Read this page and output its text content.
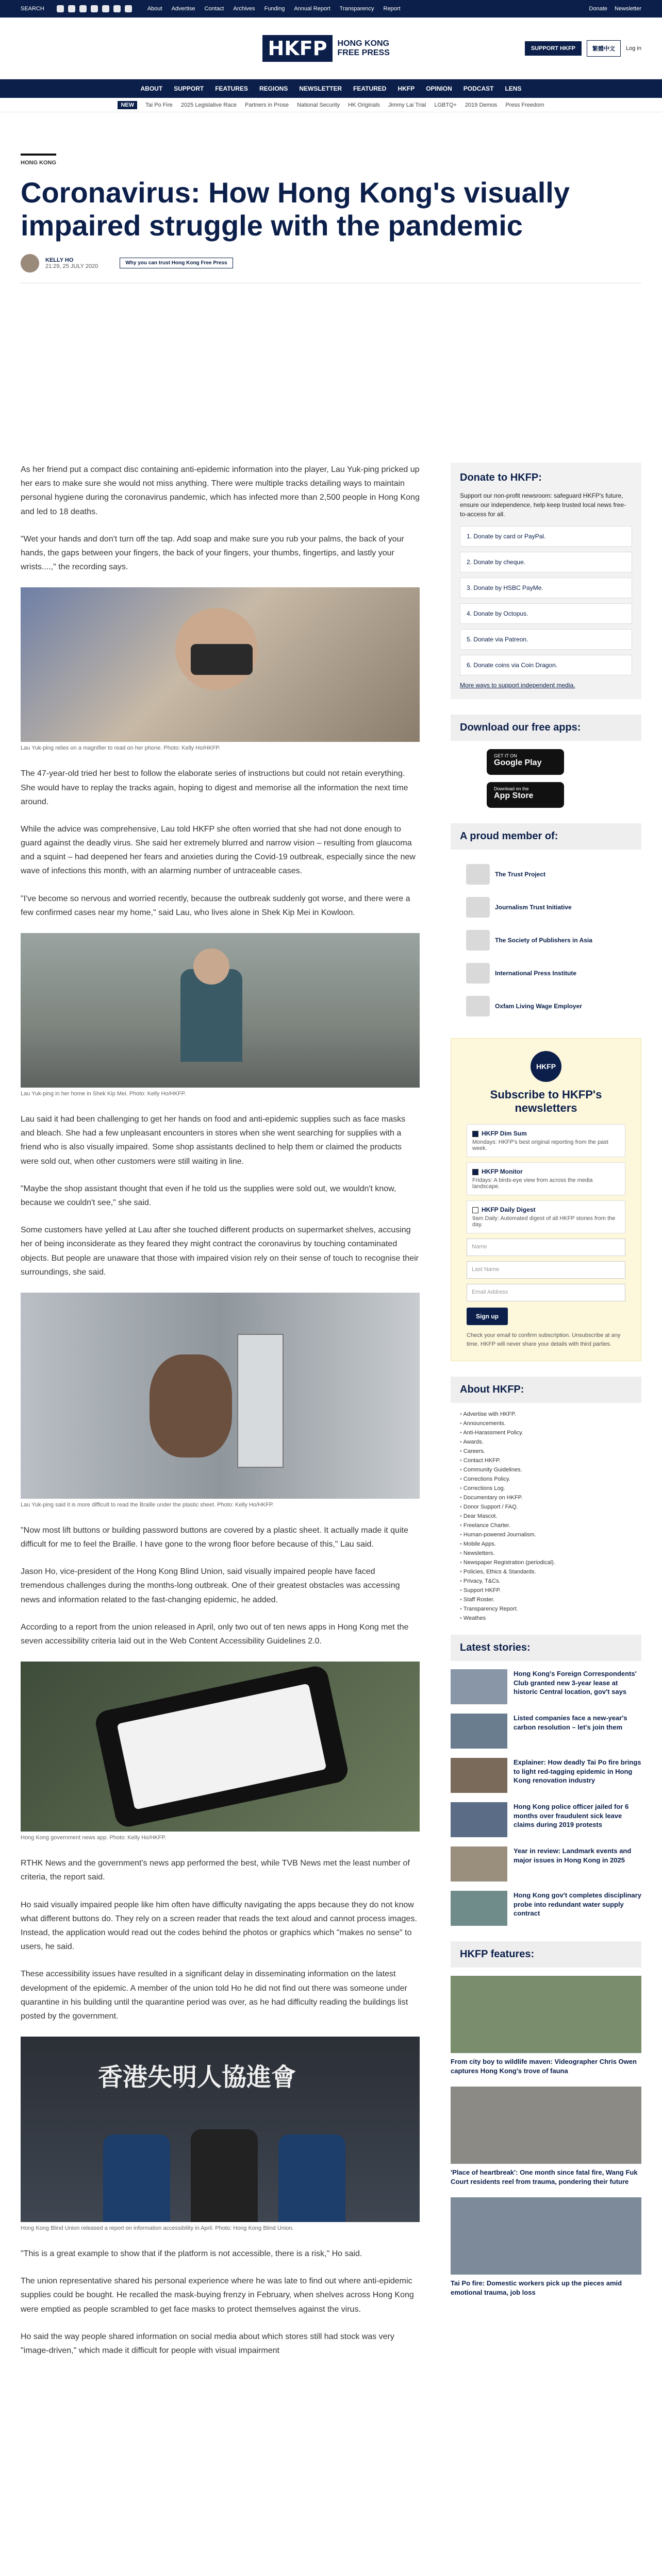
SEARCH	About Advertise Contact Archives Funding Annual Report Transparency Report	Donate Newsletter
HKFP	HONG KONG FREE PRESS	SUPPORT HKFP	繁體中文	Log in
ABOUT SUPPORT FEATURES REGIONS NEWSLETTER FEATURED HKFP OPINION PODCAST LENS
NEW	Tai Po Fire 2025 Legislative Race Partners in Prose National Security HK Originals Jimmy Lai Trial LGBTQ+ 2019 Demos Press Freedom
HONG KONG
Coronavirus: How Hong Kong's visually impaired struggle with the pandemic
KELLY HO
21:29, 25 JULY 2020	Why you can trust Hong Kong Free Press

As her friend put a compact disc containing anti-epidemic information into the player, Lau Yuk-ping pricked up her ears to make sure she would not miss anything. There were multiple tracks detailing ways to maintain personal hygiene during the coronavirus pandemic, which has infected more than 2,500 people in Hong Kong and led to 18 deaths.

"Wet your hands and don't turn off the tap. Add soap and make sure you rub your palms, the back of your hands, the gaps between your fingers, the back of your fingers, your thumbs, fingertips, and lastly your wrists....," the recording says.

Lau Yuk-ping relies on a magnifier to read on her phone. Photo: Kelly Ho/HKFP.

The 47-year-old tried her best to follow the elaborate series of instructions but could not retain everything. She would have to replay the tracks again, hoping to digest and memorise all the information the next time around.

While the advice was comprehensive, Lau told HKFP she often worried that she had not done enough to guard against the deadly virus. She said her extremely blurred and narrow vision – resulting from glaucoma and a squint – had deepened her fears and anxieties during the Covid-19 outbreak, especially since the new wave of infections this month, with an alarming number of untraceable cases.

"I've become so nervous and worried recently, because the outbreak suddenly got worse, and there were a few confirmed cases near my home," said Lau, who lives alone in Shek Kip Mei in Kowloon.

Lau Yuk-ping in her home in Shek Kip Mei. Photo: Kelly Ho/HKFP.

Lau said it had been challenging to get her hands on food and anti-epidemic supplies such as face masks and bleach. She had a few unpleasant encounters in stores when she went searching for supplies with a friend who is also visually impaired. Some shop assistants declined to help them or claimed the products were sold out, when other customers were still waiting in line.

"Maybe the shop assistant thought that even if he told us the supplies were sold out, we wouldn't know, because we couldn't see," she said.

Some customers have yelled at Lau after she touched different products on supermarket shelves, accusing her of being inconsiderate as they feared they might contract the coronavirus by touching contaminated objects. But people are unaware that those with impaired vision rely on their sense of touch to recognise their surroundings, she said.

Lau Yuk-ping said it is more difficult to read the Braille under the plastic sheet. Photo: Kelly Ho/HKFP.

"Now most lift buttons or building password buttons are covered by a plastic sheet. It actually made it quite difficult for me to feel the Braille. I have gone to the wrong floor before because of this," Lau said.

Jason Ho, vice-president of the Hong Kong Blind Union, said visually impaired people have faced tremendous challenges during the months-long outbreak. One of their greatest obstacles was accessing news and information related to the fast-changing epidemic, he added.

According to a report from the union released in April, only two out of ten news apps in Hong Kong met the seven accessibility criteria laid out in the Web Content Accessibility Guidelines 2.0.

Hong Kong government news app. Photo: Kelly Ho/HKFP.

RTHK News and the government's news app performed the best, while TVB News met the least number of criteria, the report said.

Ho said visually impaired people like him often have difficulty navigating the apps because they do not know what different buttons do. They rely on a screen reader that reads the text aloud and cannot process images. Instead, the application would read out the codes behind the photos or graphics which "makes no sense" to users, he said.

These accessibility issues have resulted in a significant delay in disseminating information on the latest development of the epidemic. A member of the union told Ho he did not find out there was someone under quarantine in his building until the quarantine period was over, as he had difficulty reading the buildings list posted by the government.

香港失明人協進會
Hong Kong Blind Union released a report on information accessibility in April. Photo: Hong Kong Blind Union.

"This is a great example to show that if the platform is not accessible, there is a risk," Ho said.

The union representative shared his personal experience where he was late to find out where anti-epidemic supplies could be bought. He recalled the mask-buying frenzy in February, when shelves across Hong Kong were emptied as people scrambled to get face masks to protect themselves against the virus.

Ho said the way people shared information on social media about which stores still had stock was very "image-driven," which made it difficult for people with visual impairment

Donate to HKFP:
Support our non-profit newsroom: safeguard HKFP's future, ensure our independence, help keep trusted local news free-to-access for all.
1. Donate by card or PayPal.
2. Donate by cheque.
3. Donate by HSBC PayMe.
4. Donate by Octopus.
5. Donate via Patreon.
6. Donate coins via Coin Dragon.
More ways to support independent media.
Download our free apps:
GET IT ON
Google Play
Download on the
App Store
A proud member of:
The Trust Project
Journalism Trust Initiative
The Society of Publishers in Asia
International Press Institute
Oxfam Living Wage Employer
HKFP
Subscribe to HKFP's newsletters
HKFP Dim Sum
Mondays: HKFP's best original reporting from the past week.
HKFP Monitor
Fridays: A birds-eye view from across the media landscape.
HKFP Daily Digest
9am Daily: Automated digest of all HKFP stories from the day.
Name
Last Name
Email Address
Sign up
Check your email to confirm subscription. Unsubscribe at any time. HKFP will never share your details with third parties.
About HKFP:
• Advertise with HKFP.
• Announcements.
• Anti-Harassment Policy.
• Awards.
• Careers.
• Contact HKFP.
• Community Guidelines.
• Corrections Policy.
• Corrections Log.
• Documentary on HKFP.
• Donor Support / FAQ.
• Dear Mascot.
• Freelance Charter.
• Human-powered Journalism.
• Mobile Apps.
• Newsletters.
• Newspaper Registration (periodical).
• Policies, Ethics & Standards.
• Privacy, T&Cs.
• Support HKFP.
• Staff Roster.
• Transparency Report.
• Weathes
Latest stories:
Hong Kong's Foreign Correspondents' Club granted new 3-year lease at historic Central location, gov't says
Listed companies face a new-year's carbon resolution – let's join them
Explainer: How deadly Tai Po fire brings to light red-tagging epidemic in Hong Kong renovation industry
Hong Kong police officer jailed for 6 months over fraudulent sick leave claims during 2019 protests
Year in review: Landmark events and major issues in Hong Kong in 2025
Hong Kong gov't completes disciplinary probe into redundant water supply contract
HKFP features:
From city boy to wildlife maven: Videographer Chris Owen captures Hong Kong's trove of fauna
'Place of heartbreak': One month since fatal fire, Wang Fuk Court residents reel from trauma, pondering their future
Tai Po fire: Domestic workers pick up the pieces amid emotional trauma, job loss
